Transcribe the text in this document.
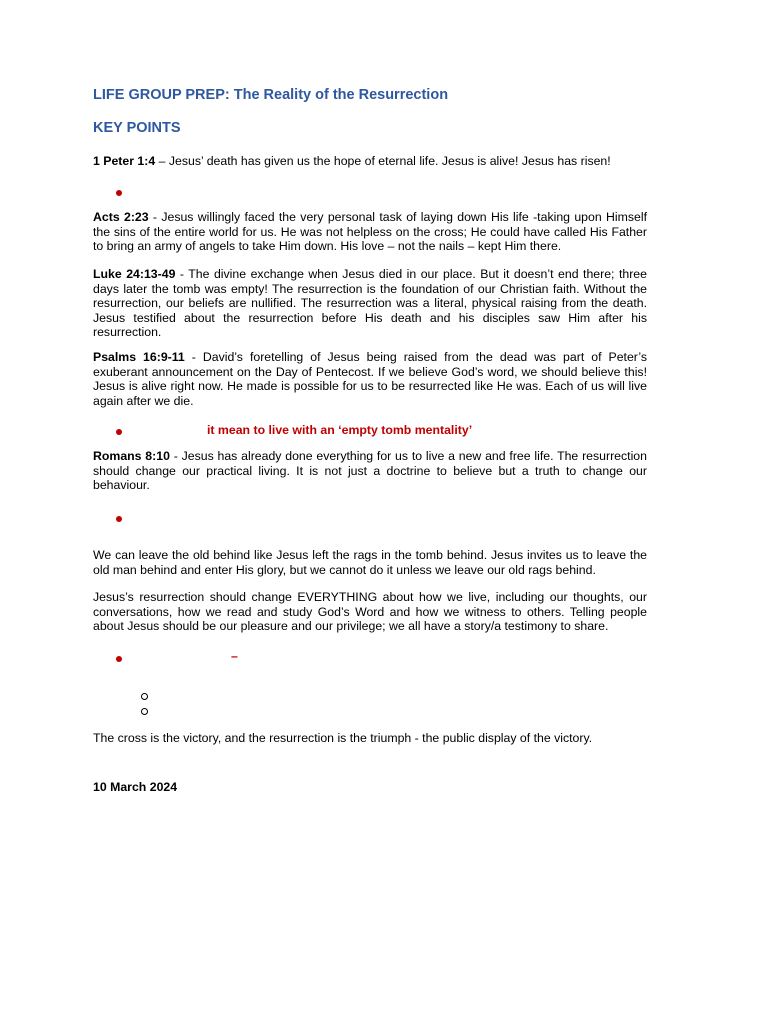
LIFE GROUP PREP: The Reality of the Resurrection
KEY POINTS
1 Peter 1:4 – Jesus’ death has given us the hope of eternal life. Jesus is alive! Jesus has risen!
Acts 2:23 - Jesus willingly faced the very personal task of laying down His life -taking upon Himself the sins of the entire world for us. He was not helpless on the cross; He could have called His Father to bring an army of angels to take Him down. His love – not the nails – kept Him there.
Luke 24:13-49 - The divine exchange when Jesus died in our place. But it doesn’t end there; three days later the tomb was empty! The resurrection is the foundation of our Christian faith. Without the resurrection, our beliefs are nullified. The resurrection was a literal, physical raising from the death. Jesus testified about the resurrection before His death and his disciples saw Him after his resurrection.
Psalms 16:9-11 - David’s foretelling of Jesus being raised from the dead was part of Peter’s exuberant announcement on the Day of Pentecost. If we believe God’s word, we should believe this! Jesus is alive right now. He made is possible for us to be resurrected like He was. Each of us will live again after we die.
it mean to live with an ‘empty tomb mentality’
Romans 8:10 - Jesus has already done everything for us to live a new and free life. The resurrection should change our practical living. It is not just a doctrine to believe but a truth to change our behaviour.
We can leave the old behind like Jesus left the rags in the tomb behind. Jesus invites us to leave the old man behind and enter His glory, but we cannot do it unless we leave our old rags behind.
Jesus’s resurrection should change EVERYTHING about how we live, including our thoughts, our conversations, how we read and study God’s Word and how we witness to others. Telling people about Jesus should be our pleasure and our privilege; we all have a story/a testimony to share.
–
The cross is the victory, and the resurrection is the triumph - the public display of the victory.
10 March 2024
